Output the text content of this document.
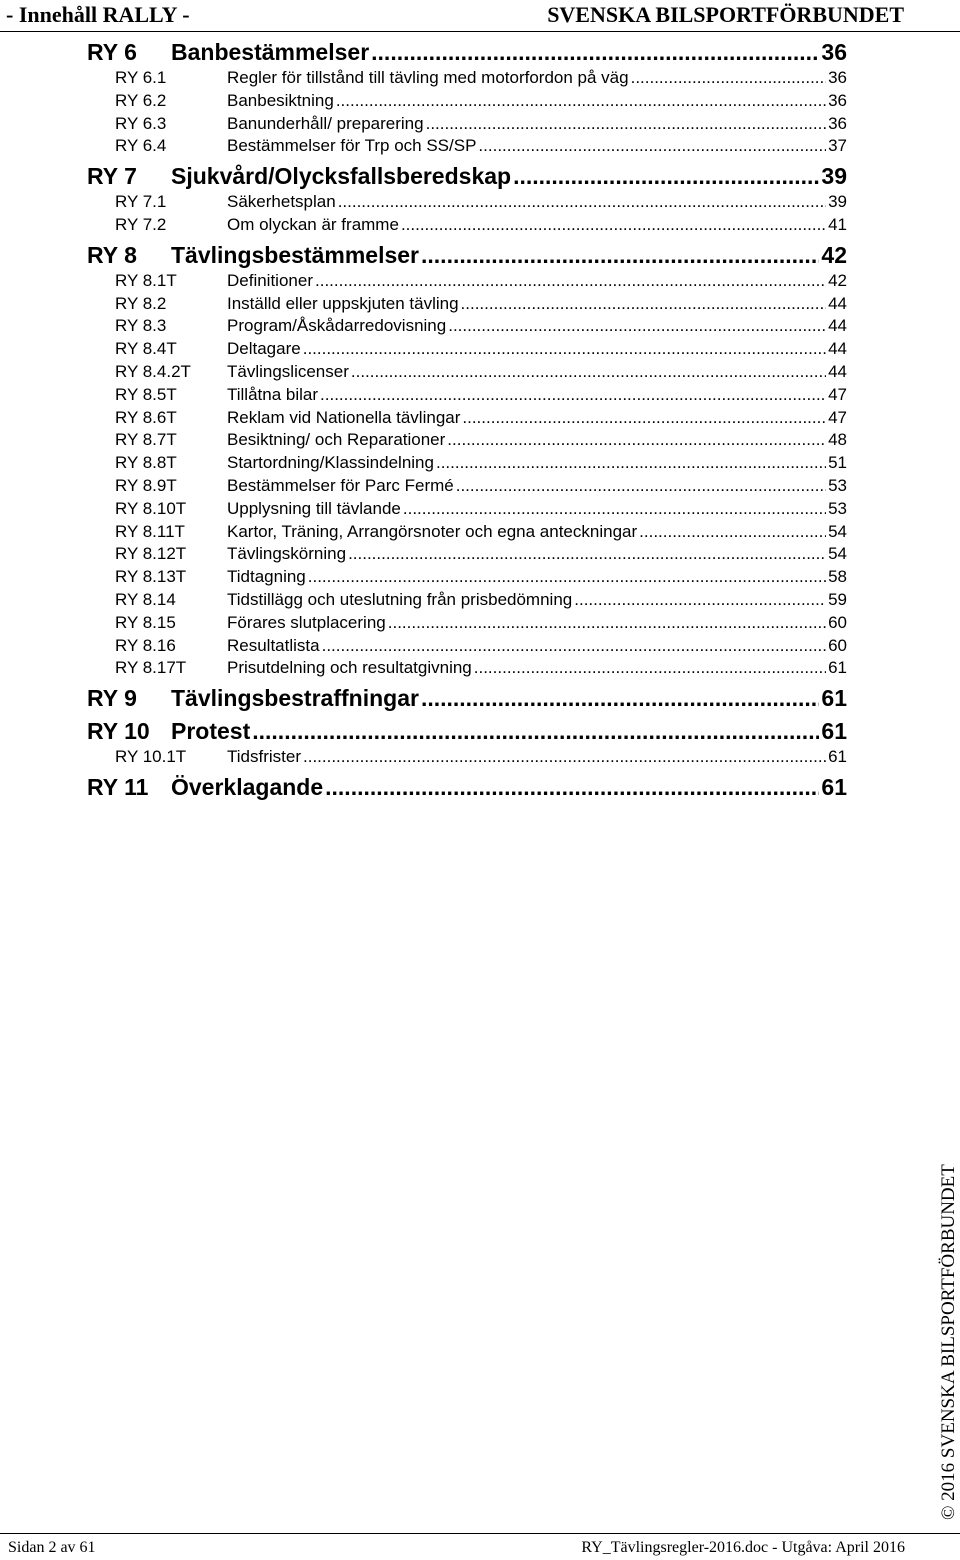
- Innehåll RALLY -	SVENSKA BILSPORTFÖRBUNDET
RY 6	Banbestämmelser .....	36
RY 6.1	Regler för tillstånd till tävling med motorfordon på väg .....	36
RY 6.2	Banbesiktning .....	36
RY 6.3	Banunderhåll/ preparering .....	36
RY 6.4	Bestämmelser för Trp och SS/SP .....	37
RY 7	Sjukvård/Olycksfallsberedskap .....	39
RY 7.1	Säkerhetsplan .....	39
RY 7.2	Om olyckan är framme .....	41
RY 8	Tävlingsbestämmelser .....	42
RY 8.1T	Definitioner .....	42
RY 8.2	Inställd eller uppskjuten tävling .....	44
RY 8.3	Program/Åskådarredovisning .....	44
RY 8.4T	Deltagare .....	44
RY 8.4.2T	Tävlingslicenser .....	44
RY 8.5T	Tillåtna bilar .....	47
RY 8.6T	Reklam vid Nationella tävlingar .....	47
RY 8.7T	Besiktning/ och Reparationer .....	48
RY 8.8T	Startordning/Klassindelning .....	51
RY 8.9T	Bestämmelser för Parc Fermé .....	53
RY 8.10T	Upplysning till tävlande .....	53
RY 8.11T	Kartor, Träning, Arrangörsnoter och egna anteckningar .....	54
RY 8.12T	Tävlingskörning .....	54
RY 8.13T	Tidtagning .....	58
RY 8.14	Tidstillägg och uteslutning från prisbedömning .....	59
RY 8.15	Förares slutplacering .....	60
RY 8.16	Resultatlista .....	60
RY 8.17T	Prisutdelning och resultatgivning .....	61
RY 9	Tävlingsbestraffningar .....	61
RY 10 Protest .....	61
RY 10.1T	Tidsfrister .....	61
RY 11 Överklagande .....	61
© 2016 SVENSKA BILSPORTFÖRBUNDET
Sidan 2 av 61	RY_Tävlingsregler-2016.doc - Utgåva: April 2016
